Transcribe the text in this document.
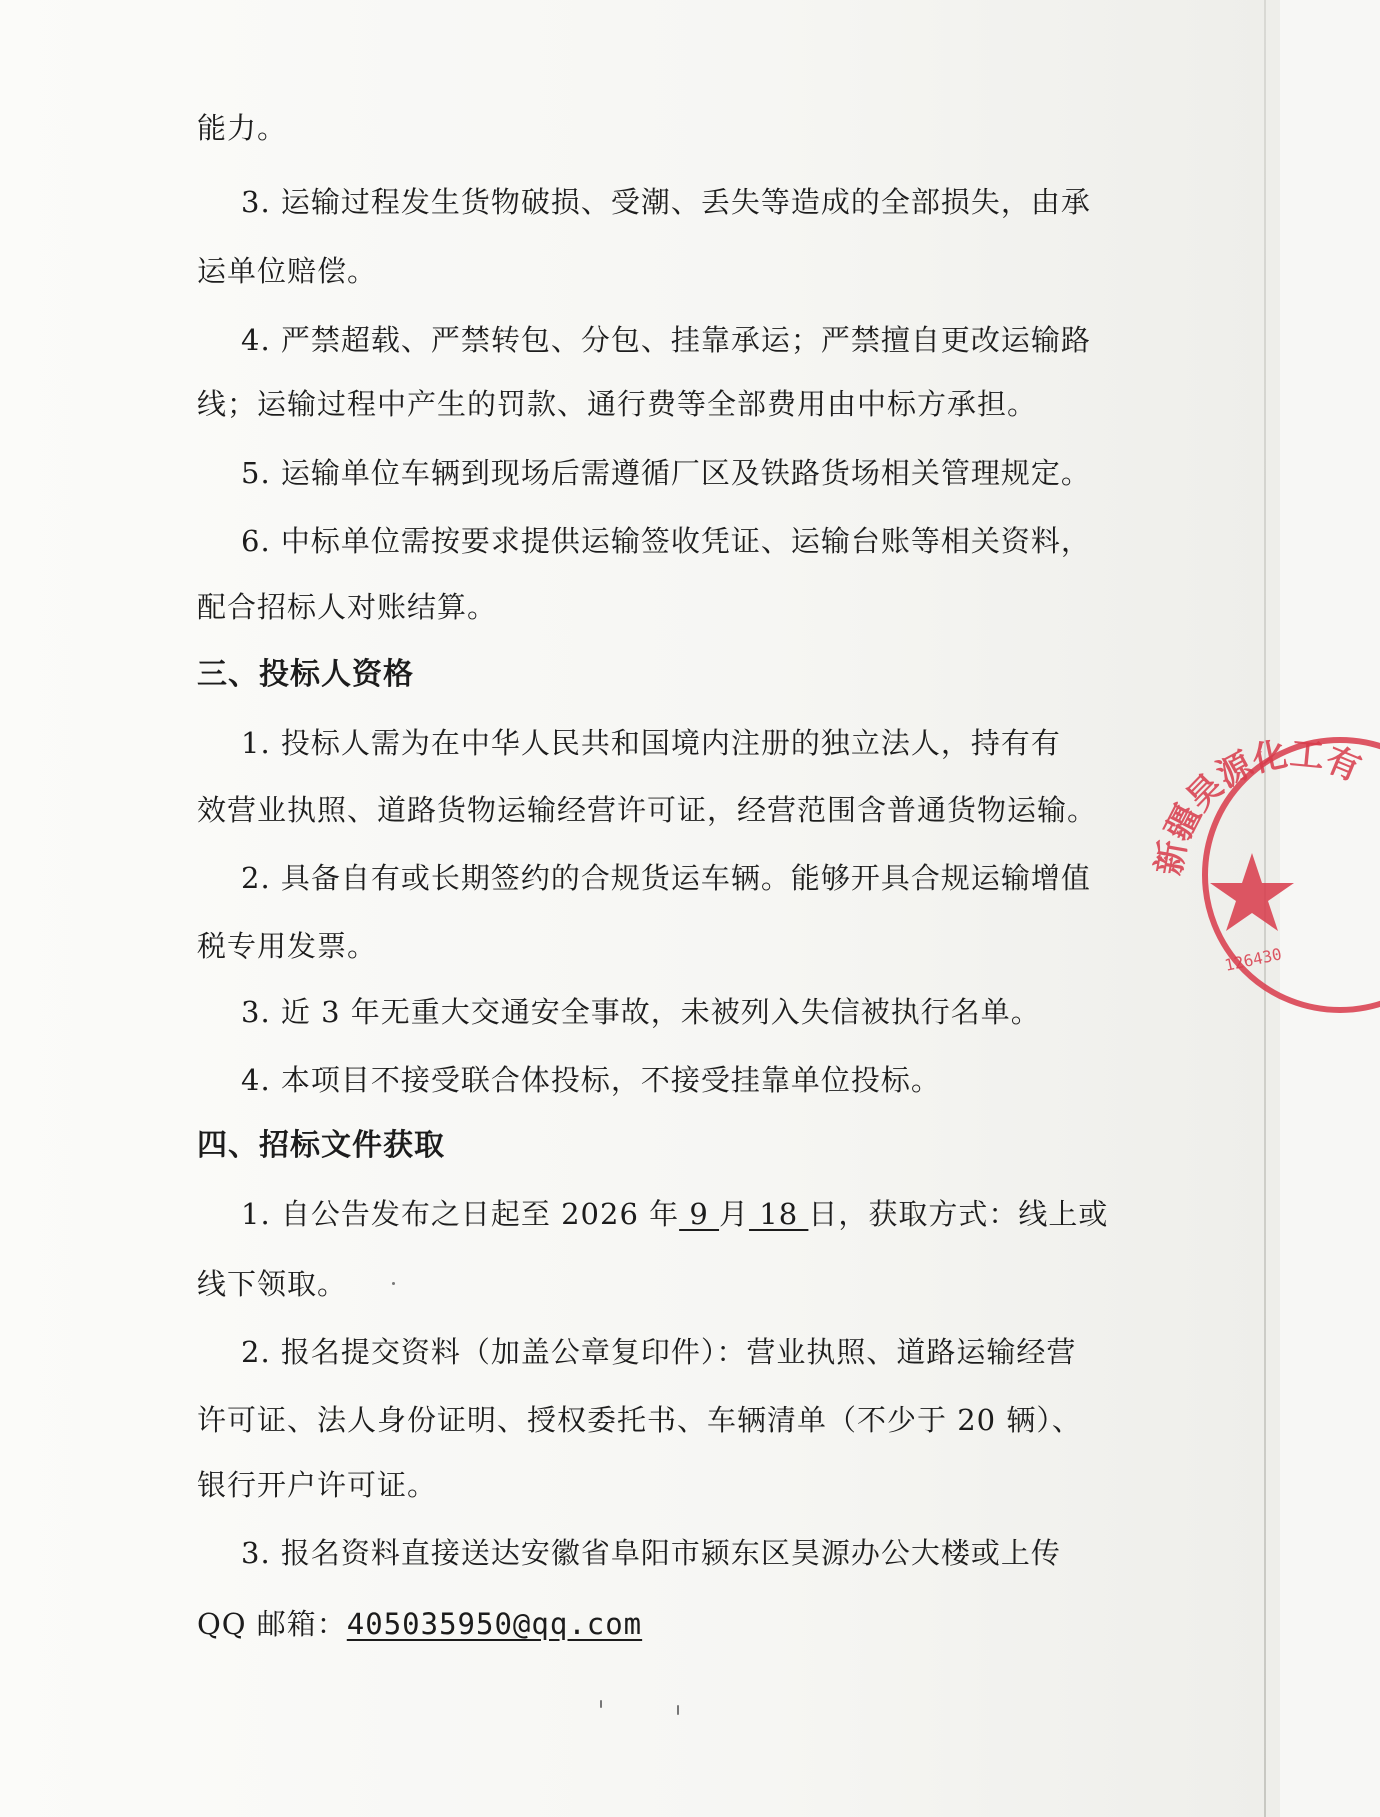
能力。
3. 运输过程发生货物破损、受潮、丢失等造成的全部损失，由承
运单位赔偿。
4. 严禁超载、严禁转包、分包、挂靠承运；严禁擅自更改运输路
线；运输过程中产生的罚款、通行费等全部费用由中标方承担。
5. 运输单位车辆到现场后需遵循厂区及铁路货场相关管理规定。
6. 中标单位需按要求提供运输签收凭证、运输台账等相关资料，
配合招标人对账结算。
三、投标人资格
1. 投标人需为在中华人民共和国境内注册的独立法人，持有有
效营业执照、道路货物运输经营许可证，经营范围含普通货物运输。
2. 具备自有或长期签约的合规货运车辆。能够开具合规运输增值
税专用发票。
3. 近 3 年无重大交通安全事故，未被列入失信被执行名单。
4. 本项目不接受联合体投标，不接受挂靠单位投标。
四、招标文件获取
1. 自公告发布之日起至 2026 年 9 月 18 日，获取方式：线上或
线下领取。
2. 报名提交资料（加盖公章复印件）：营业执照、道路运输经营
许可证、法人身份证明、授权委托书、车辆清单（不少于 20 辆）、
银行开户许可证。
3. 报名资料直接送达安徽省阜阳市颍东区昊源办公大楼或上传
QQ 邮箱：405035950@qq.com
新疆昊源化工有限公司
126430
